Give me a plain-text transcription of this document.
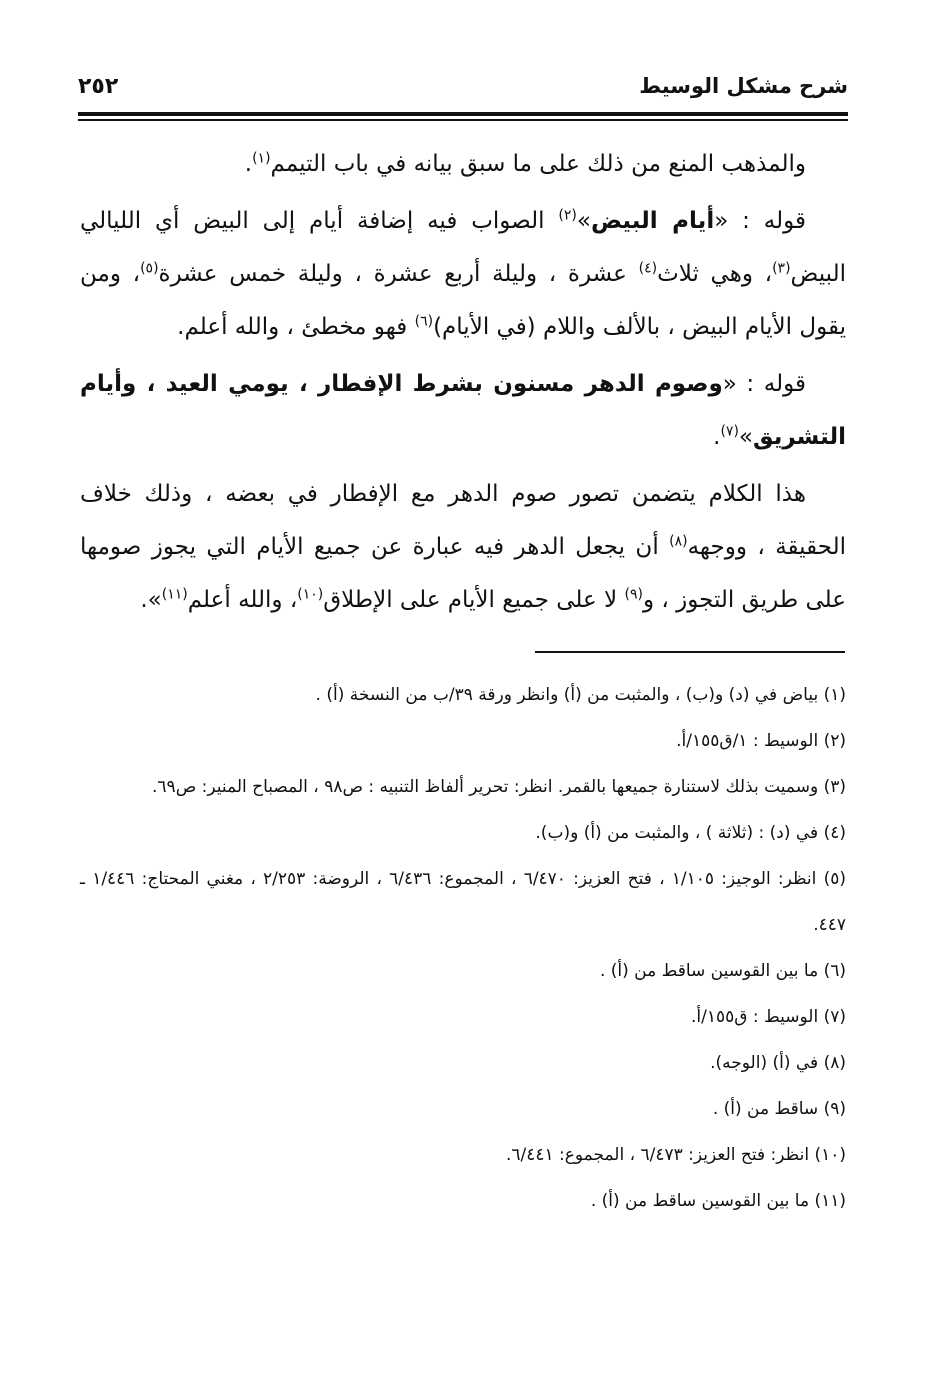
٢٥٢	شرح مشكل الوسيط

والمذهب المنع من ذلك على ما سبق بيانه في باب التيمم$^{(١)}$.

قوله : «أيام البيض»$^{(٢)}$ الصواب فيه إضافة أيام إلى البيض أي الليالي البيض$^{(٣)}$، وهي ثلاث$^{(٤)}$ عشرة ، وليلة أربع عشرة ، وليلة خمس عشرة$^{(٥)}$، ومن يقول الأيام البيض ، بالألف واللام (في الأيام)$^{(٦)}$ فهو مخطئ ، والله أعلم.

قوله : «وصوم الدهر مسنون بشرط الإفطار ، يومي العيد ، وأيام التشريق»$^{(٧)}$.

هذا الكلام يتضمن تصور صوم الدهر مع الإفطار في بعضه ، وذلك خلاف الحقيقة ، ووجهه$^{(٨)}$ أن يجعل الدهر فيه عبارة عن جميع الأيام التي يجوز صومها على طريق التجوز ، و$^{(٩)}$ لا على جميع الأيام على الإطلاق$^{(١٠)}$، والله أعلم$^{(١١)}$».

(١) بياض في (د) و(ب) ، والمثبت من (أ) وانظر ورقة ٣٩/ب من النسخة (أ) .

(٢) الوسيط : ١/ق١٥٥/أ.

(٣) وسميت بذلك لاستنارة جميعها بالقمر. انظر: تحرير ألفاظ التنبيه : ص٩٨ ، المصباح المنير: ص٦٩.

(٤) في (د) : (ثلاثة ) ، والمثبت من (أ) و(ب).

(٥) انظر: الوجيز: ١/١٠٥ ، فتح العزيز: ٦/٤٧٠ ، المجموع: ٦/٤٣٦ ، الروضة: ٢/٢٥٣ ، مغني المحتاج: ١/٤٤٦ ـ ٤٤٧.

(٦) ما بين القوسين ساقط من (أ) .

(٧) الوسيط : ق١٥٥/أ.

(٨) في (أ) (الوجه).

(٩) ساقط من (أ) .

(١٠) انظر: فتح العزيز: ٦/٤٧٣ ، المجموع: ٦/٤٤١.

(١١) ما بين القوسين ساقط من (أ) .
